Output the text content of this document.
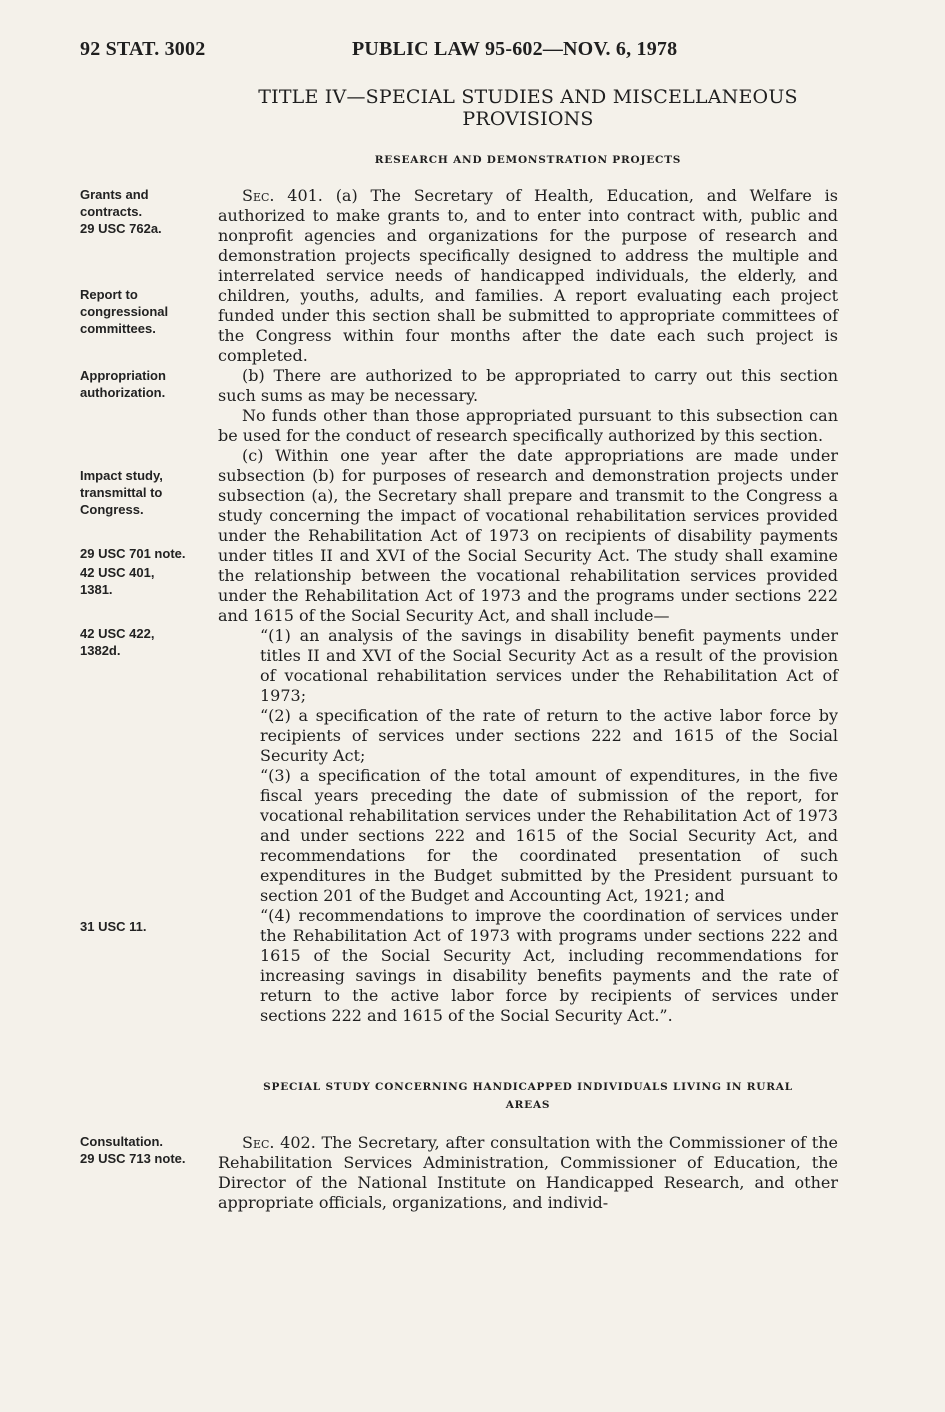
92 STAT. 3002	PUBLIC LAW 95-602—NOV. 6, 1978
TITLE IV—SPECIAL STUDIES AND MISCELLANEOUS
PROVISIONS
RESEARCH AND DEMONSTRATION PROJECTS
Grants and contracts.
29 USC 762a.
Report to congressional committees.
Appropriation authorization.
Impact study, transmittal to Congress.
29 USC 701 note.
42 USC 401, 1381.
42 USC 422, 1382d.
31 USC 11.
Consultation.
29 USC 713 note.

Sec. 401. (a) The Secretary of Health, Education, and Welfare is authorized to make grants to, and to enter into contract with, public and nonprofit agencies and organizations for the purpose of research and demonstration projects specifically designed to address the multiple and interrelated service needs of handicapped individuals, the elderly, and children, youths, adults, and families. A report evaluating each project funded under this section shall be submitted to appropriate committees of the Congress within four months after the date each such project is completed.

(b) There are authorized to be appropriated to carry out this section such sums as may be necessary.

No funds other than those appropriated pursuant to this subsection can be used for the conduct of research specifically authorized by this section.

(c) Within one year after the date appropriations are made under subsection (b) for purposes of research and demonstration projects under subsection (a), the Secretary shall prepare and transmit to the Congress a study concerning the impact of vocational rehabilitation services provided under the Rehabilitation Act of 1973 on recipients of disability payments under titles II and XVI of the Social Security Act. The study shall examine the relationship between the vocational rehabilitation services provided under the Rehabilitation Act of 1973 and the programs under sections 222 and 1615 of the Social Security Act, and shall include—

“(1) an analysis of the savings in disability benefit payments under titles II and XVI of the Social Security Act as a result of the provision of vocational rehabilitation services under the Rehabilitation Act of 1973;

“(2) a specification of the rate of return to the active labor force by recipients of services under sections 222 and 1615 of the Social Security Act;

“(3) a specification of the total amount of expenditures, in the five fiscal years preceding the date of submission of the report, for vocational rehabilitation services under the Rehabilitation Act of 1973 and under sections 222 and 1615 of the Social Security Act, and recommendations for the coordinated presentation of such expenditures in the Budget submitted by the President pursuant to section 201 of the Budget and Accounting Act, 1921; and

“(4) recommendations to improve the coordination of services under the Rehabilitation Act of 1973 with programs under sections 222 and 1615 of the Social Security Act, including recommendations for increasing savings in disability benefits payments and the rate of return to the active labor force by recipients of services under sections 222 and 1615 of the Social Security Act.”.

SPECIAL STUDY CONCERNING HANDICAPPED INDIVIDUALS LIVING IN RURAL
AREAS

Sec. 402. The Secretary, after consultation with the Commissioner of the Rehabilitation Services Administration, Commissioner of Education, the Director of the National Institute on Handicapped Research, and other appropriate officials, organizations, and individ-
